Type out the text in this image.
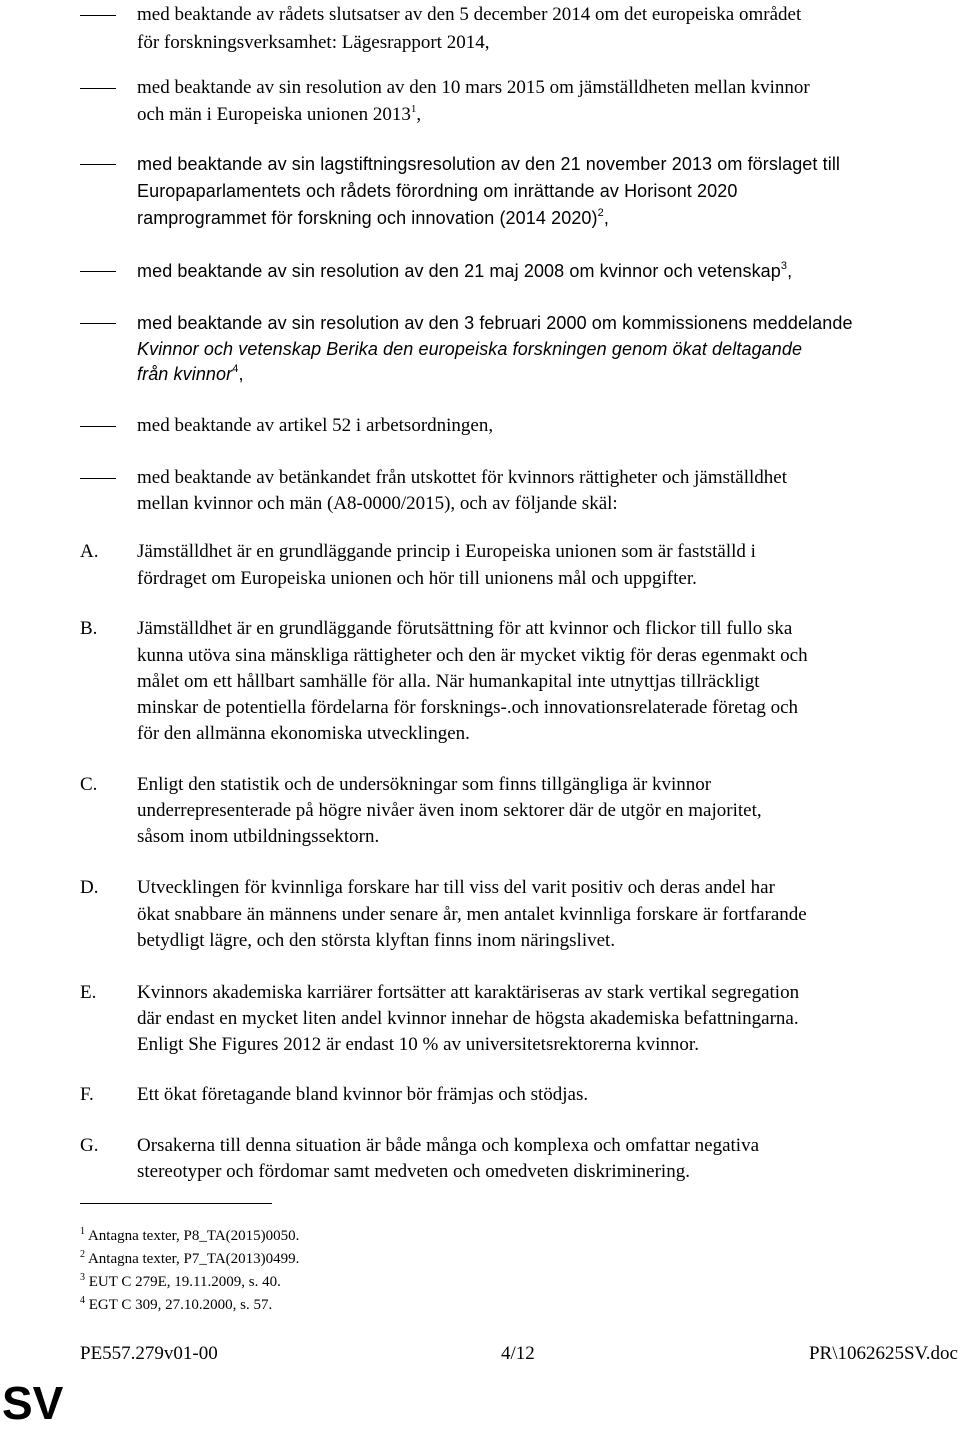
med beaktande av rådets slutsatser av den 5 december 2014 om det europeiska området
för forskningsverksamhet: Lägesrapport 2014,
med beaktande av sin resolution av den 10 mars 2015 om jämställdheten mellan kvinnor
och män i Europeiska unionen 2013$^1$,
med beaktande av sin lagstiftningsresolution av den 21 november 2013 om förslaget till
Europaparlamentets och rådets förordning om inrättande av Horisont 2020
ramprogrammet för forskning och innovation (2014 2020)$^2$,
med beaktande av sin resolution av den 21 maj 2008 om kvinnor och vetenskap$^3$,
med beaktande av sin resolution av den 3 februari 2000 om kommissionens meddelande
Kvinnor och vetenskap Berika den europeiska forskningen genom ökat deltagande
från kvinnor$^4$,
med beaktande av artikel 52 i arbetsordningen,
med beaktande av betänkandet från utskottet för kvinnors rättigheter och jämställdhet
mellan kvinnor och män (A8-0000/2015), och av följande skäl:
A. Jämställdhet är en grundläggande princip i Europeiska unionen som är fastställd i
fördraget om Europeiska unionen och hör till unionens mål och uppgifter.
B. Jämställdhet är en grundläggande förutsättning för att kvinnor och flickor till fullo ska
kunna utöva sina mänskliga rättigheter och den är mycket viktig för deras egenmakt och
målet om ett hållbart samhälle för alla. När humankapital inte utnyttjas tillräckligt
minskar de potentiella fördelarna för forsknings-.och innovationsrelaterade företag och
för den allmänna ekonomiska utvecklingen.
C. Enligt den statistik och de undersökningar som finns tillgängliga är kvinnor
underrepresenterade på högre nivåer även inom sektorer där de utgör en majoritet,
såsom inom utbildningssektorn.
D. Utvecklingen för kvinnliga forskare har till viss del varit positiv och deras andel har
ökat snabbare än männens under senare år, men antalet kvinnliga forskare är fortfarande
betydligt lägre, och den största klyftan finns inom näringslivet.
E. Kvinnors akademiska karriärer fortsätter att karaktäriseras av stark vertikal segregation
där endast en mycket liten andel kvinnor innehar de högsta akademiska befattningarna.
Enligt She Figures 2012 är endast 10 % av universitetsrektorerna kvinnor.
F. Ett ökat företagande bland kvinnor bör främjas och stödjas.
G. Orsakerna till denna situation är både många och komplexa och omfattar negativa
stereotyper och fördomar samt medveten och omedveten diskriminering.
$^1$ Antagna texter, P8_TA(2015)0050.
$^2$ Antagna texter, P7_TA(2013)0499.
$^3$ EUT C 279E, 19.11.2009, s. 40.
$^4$ EGT C 309, 27.10.2000, s. 57.
PE557.279v01-00	4/12	PR\1062625SV.doc
SV
